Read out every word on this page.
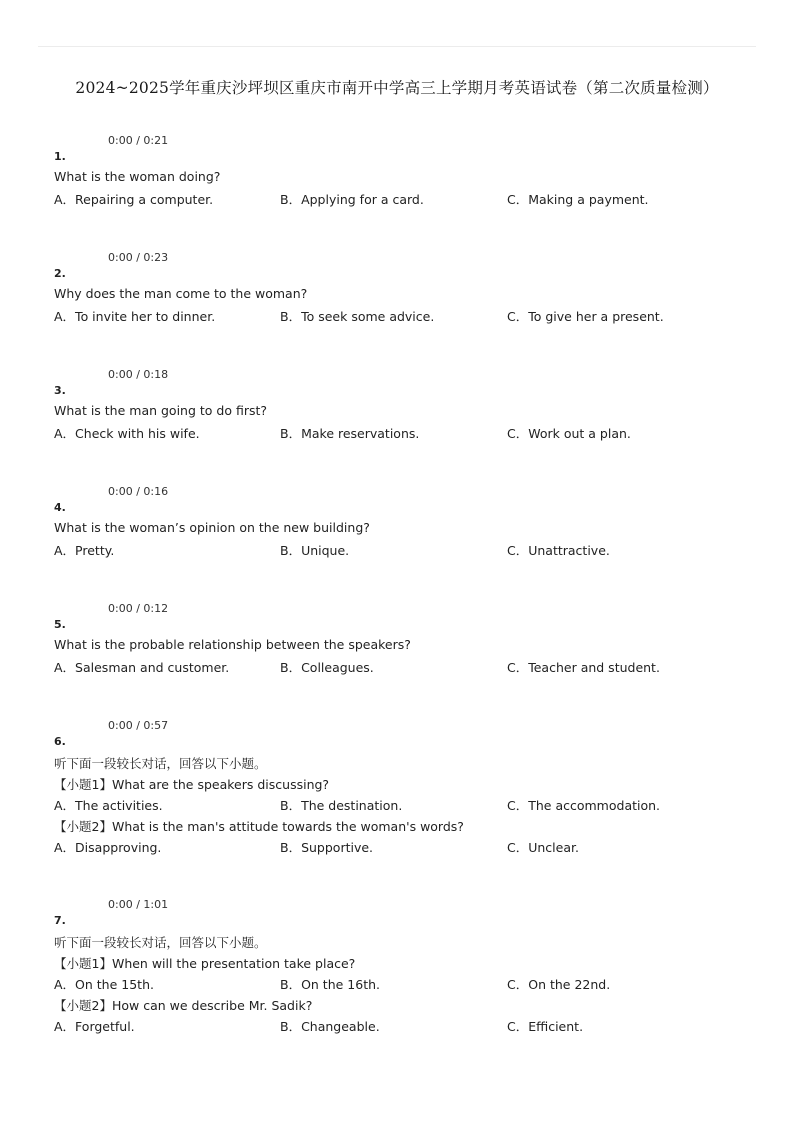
2024~2025学年重庆沙坪坝区重庆市南开中学高三上学期月考英语试卷（第二次质量检测）
0:00 / 0:21
1.
What is the woman doing?
A．Repairing a computer.	B．Applying for a card.	C．Making a payment.
0:00 / 0:23
2.
Why does the man come to the woman?
A．To invite her to dinner.	B．To seek some advice.	C．To give her a present.
0:00 / 0:18
3.
What is the man going to do first?
A．Check with his wife.	B．Make reservations.	C．Work out a plan.
0:00 / 0:16
4.
What is the woman’s opinion on the new building?
A．Pretty.	B．Unique.	C．Unattractive.
0:00 / 0:12
5.
What is the probable relationship between the speakers?
A．Salesman and customer.	B．Colleagues.	C．Teacher and student.
0:00 / 0:57
6.
听下面一段较长对话，回答以下小题。
【小题1】What are the speakers discussing?
A．The activities.	B．The destination.	C．The accommodation.
【小题2】What is the man's attitude towards the woman's words?
A．Disapproving.	B．Supportive.	C．Unclear.
0:00 / 1:01
7.
听下面一段较长对话，回答以下小题。
【小题1】When will the presentation take place?
A．On the 15th.	B．On the 16th.	C．On the 22nd.
【小题2】How can we describe Mr. Sadik?
A．Forgetful.	B．Changeable.	C．Efficient.
